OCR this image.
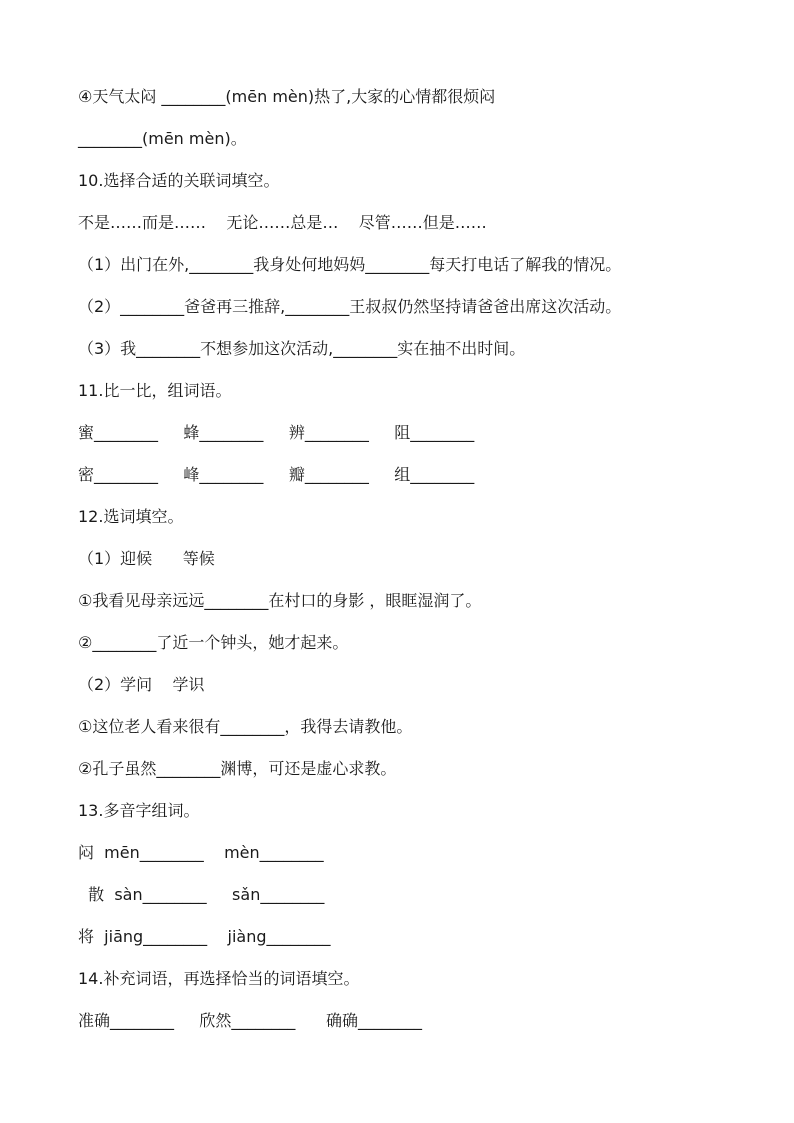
④天气太闷 ________(mēn mèn)热了,大家的心情都很烦闷
________(mēn mèn)。
10.选择合适的关联词填空。
不是……而是……    无论……总是…    尽管……但是……
（1）出门在外,________我身处何地妈妈________每天打电话了解我的情况。
（2）________爸爸再三推辞,________王叔叔仍然坚持请爸爸出席这次活动。
（3）我________不想参加这次活动,________实在抽不出时间。
11.比一比，组词语。
蜜________     蜂________     辨________     阻________
密________     峰________     瓣________     组________
12.选词填空。
（1）迎候      等候
①我看见母亲远远________在村口的身影 ，眼眶湿润了。
②________了近一个钟头，她才起来。
（2）学问    学识
①这位老人看来很有________，我得去请教他。
②孔子虽然________渊博，可还是虚心求教。
13.多音字组词。
闷  mēn________    mèn________
散  sàn________     sǎn________
将  jiāng________    jiàng________
14.补充词语，再选择恰当的词语填空。
准确________     欣然________      确确________
